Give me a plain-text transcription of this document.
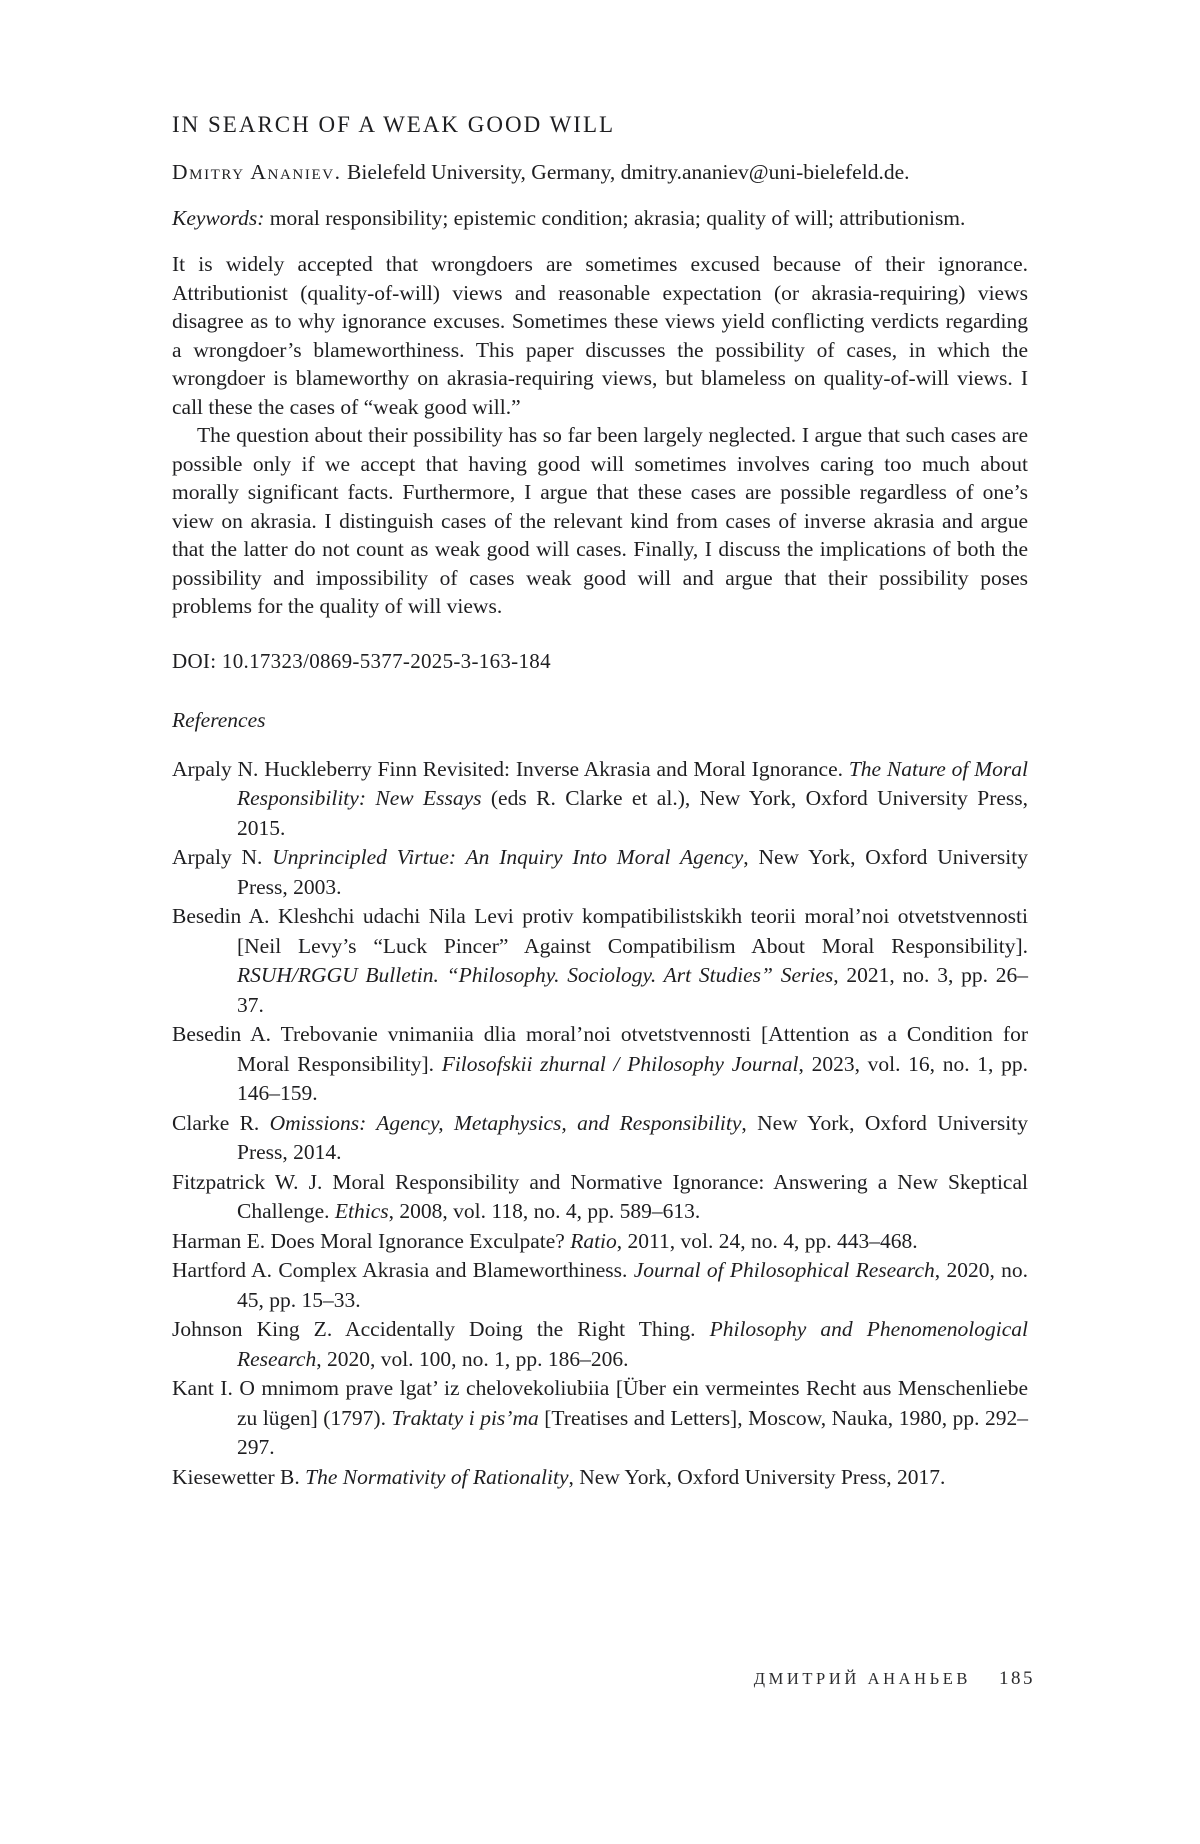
IN SEARCH OF A WEAK GOOD WILL

Dmitry Ananiev. Bielefeld University, Germany, dmitry.ananiev@uni-bielefeld.de.

Keywords: moral responsibility; epistemic condition; akrasia; quality of will; attributionism.

It is widely accepted that wrongdoers are sometimes excused because of their ignorance. Attributionist (quality-of-will) views and reasonable expectation (or akrasia-requiring) views disagree as to why ignorance excuses. Sometimes these views yield conflicting verdicts regarding a wrongdoer’s blameworthiness. This paper discusses the possibility of cases, in which the wrongdoer is blameworthy on akrasia-requiring views, but blameless on quality-of-will views. I call these the cases of “weak good will.”

The question about their possibility has so far been largely neglected. I argue that such cases are possible only if we accept that having good will sometimes involves caring too much about morally significant facts. Furthermore, I argue that these cases are possible regardless of one’s view on akrasia. I distinguish cases of the relevant kind from cases of inverse akrasia and argue that the latter do not count as weak good will cases. Finally, I discuss the implications of both the possibility and impossibility of cases weak good will and argue that their possibility poses problems for the quality of will views.

DOI: 10.17323/0869-5377-2025-3-163-184

References

Arpaly N. Huckleberry Finn Revisited: Inverse Akrasia and Moral Ignorance. The Nature of Moral Responsibility: New Essays (eds R. Clarke et al.), New York, Oxford University Press, 2015.
Arpaly N. Unprincipled Virtue: An Inquiry Into Moral Agency, New York, Oxford University Press, 2003.
Besedin A. Kleshchi udachi Nila Levi protiv kompatibilistskikh teorii moral’noi otvetstvennosti [Neil Levy’s “Luck Pincer” Against Compatibilism About Moral Responsibility]. RSUH/RGGU Bulletin. “Philosophy. Sociology. Art Studies” Series, 2021, no. 3, pp. 26–37.
Besedin A. Trebovanie vnimaniia dlia moral’noi otvetstvennosti [Attention as a Condition for Moral Responsibility]. Filosofskii zhurnal / Philosophy Journal, 2023, vol. 16, no. 1, pp. 146–159.
Clarke R. Omissions: Agency, Metaphysics, and Responsibility, New York, Oxford University Press, 2014.
Fitzpatrick W. J. Moral Responsibility and Normative Ignorance: Answering a New Skeptical Challenge. Ethics, 2008, vol. 118, no. 4, pp. 589–613.
Harman E. Does Moral Ignorance Exculpate? Ratio, 2011, vol. 24, no. 4, pp. 443–468.
Hartford A. Complex Akrasia and Blameworthiness. Journal of Philosophical Research, 2020, no. 45, pp. 15–33.
Johnson King Z. Accidentally Doing the Right Thing. Philosophy and Phenomenological Research, 2020, vol. 100, no. 1, pp. 186–206.
Kant I. O mnimom prave lgat’ iz chelovekoliubiia [Über ein vermeintes Recht aus Menschenliebe zu lügen] (1797). Traktaty i pis’ma [Treatises and Letters], Moscow, Nauka, 1980, pp. 292–297.
Kiesewetter B. The Normativity of Rationality, New York, Oxford University Press, 2017.
ДМИТРИЙ АНАНЬЕВ 185
